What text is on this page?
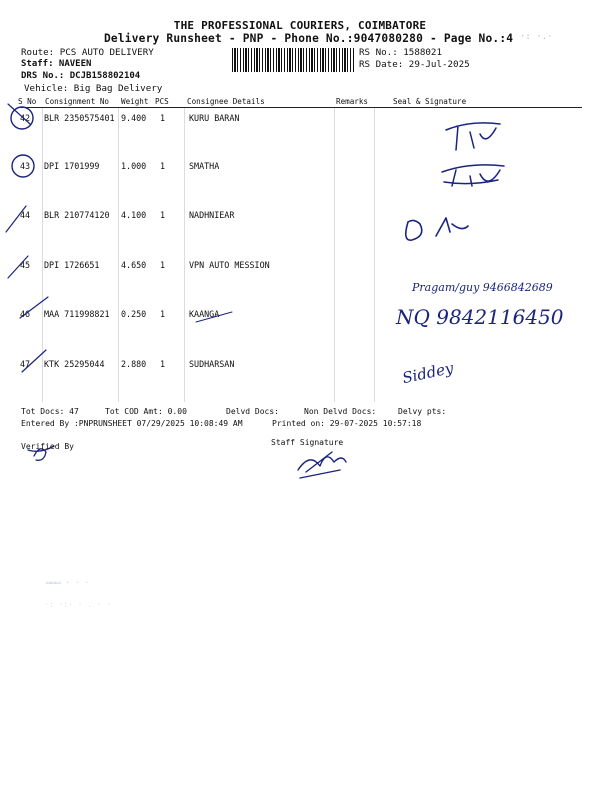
THE PROFESSIONAL COURIERS, COIMBATORE
Delivery Runsheet - PNP - Phone No.:9047080280 - Page No.:4 ·: ·.·
Route: PCS AUTO DELIVERY
Staff: NAVEEN
DRS No.: DCJB158802104
Vehicle: Big Bag Delivery
RS No.: 1588021
RS Date: 29-Jul-2025
S No Consignment No Weight PCS Consignee Details	Remarks	Seal & Signature
42 BLR 2350575401 9.400 1	KURU BARAN
43 DPI 1701999	1.000 1	SMATHA
44 BLR 210774120 4.100 1	NADHNIEAR
45 DPI 1726651	4.650 1	VPN AUTO MESSION
46 MAA 711998821 0.250 1	KAANGA
47 KTK 25295044 2.880 1	SUDHARSAN
Pragam/guy 9466842689
NQ 9842116450
Siddey
Tot Docs: 47	Tot COD Amt: 0.00	Delvd Docs:	Non Delvd Docs:	Delvy pts:
Entered By :PNPRUNSHEET 07/29/2025 10:08:49 AM	Printed on: 29-07-2025 10:57:18
Verified By	Staff Signature
▭▭▭ · · ·
·: ·:· · . · ·
